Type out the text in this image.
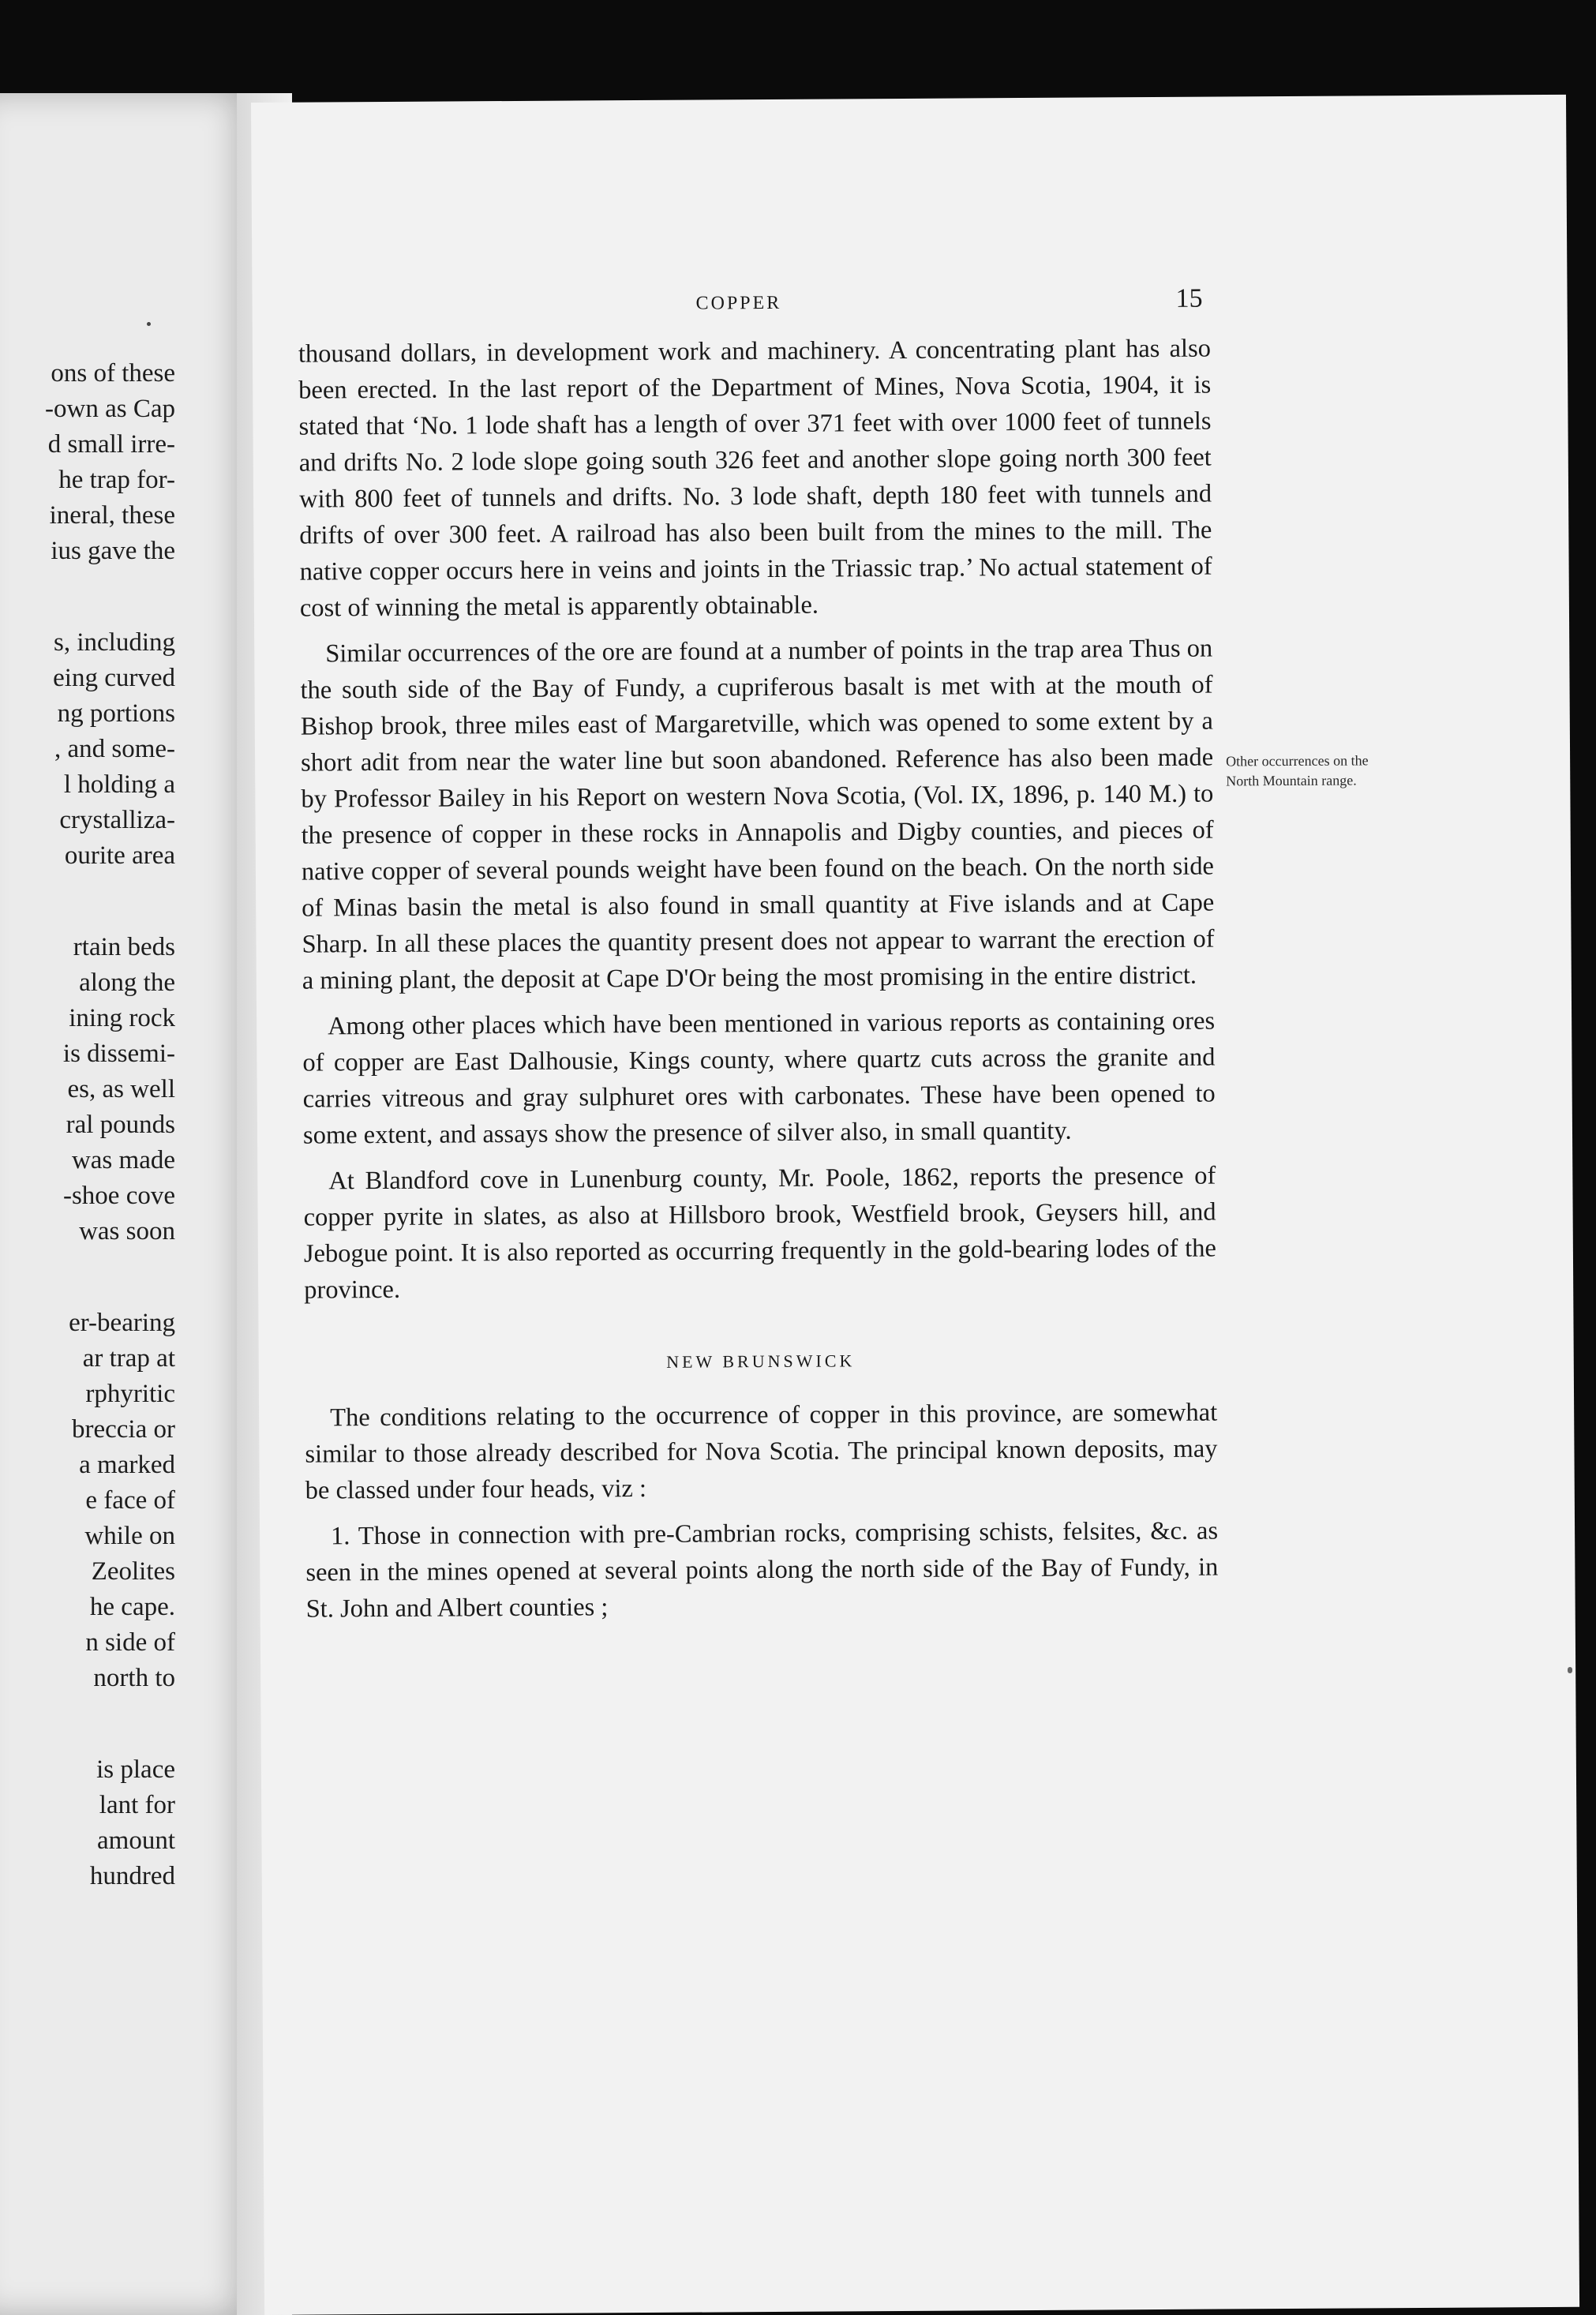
ons of these
-own as Cap
d small irre-
he trap for-
ineral, these
ius gave the
s, including
eing curved
ng portions
, and some-
l holding a
crystalliza-
ourite area
rtain beds
along the
ining rock
is dissemi-
es, as well
ral pounds
was made
-shoe cove
was soon
er-bearing
ar trap at
rphyritic
breccia or
a marked
e face of
while on
Zeolites
he cape.
n side of
north to
is place
lant for
amount
hundred
COPPER	15

thousand dollars, in development work and machinery. A concentrating plant has also been erected. In the last report of the Department of Mines, Nova Scotia, 1904, it is stated that ‘No. 1 lode shaft has a length of over 371 feet with over 1000 feet of tunnels and drifts No. 2 lode slope going south 326 feet and another slope going north 300 feet with 800 feet of tunnels and drifts. No. 3 lode shaft, depth 180 feet with tunnels and drifts of over 300 feet. A railroad has also been built from the mines to the mill. The native copper occurs here in veins and joints in the Triassic trap.’ No actual statement of cost of winning the metal is apparently obtainable.

Similar occurrences of the ore are found at a number of points in the trap area Thus on the south side of the Bay of Fundy, a cupriferous basalt is met with at the mouth of Bishop brook, three miles east of Margaretville, which was opened to some extent by a short adit from near the water line but soon abandoned. Reference has also been made by Professor Bailey in his Report on western Nova Scotia, (Vol. IX, 1896, p. 140 M.) to the presence of copper in these rocks in Annapolis and Digby counties, and pieces of native copper of several pounds weight have been found on the beach. On the north side of Minas basin the metal is also found in small quantity at Five islands and at Cape Sharp. In all these places the quantity present does not appear to warrant the erection of a mining plant, the deposit at Cape D'Or being the most promising in the entire district.

Among other places which have been mentioned in various reports as containing ores of copper are East Dalhousie, Kings county, where quartz cuts across the granite and carries vitreous and gray sulphuret ores with carbonates. These have been opened to some extent, and assays show the presence of silver also, in small quantity.

At Blandford cove in Lunenburg county, Mr. Poole, 1862, reports the presence of copper pyrite in slates, as also at Hillsboro brook, Westfield brook, Geysers hill, and Jebogue point. It is also reported as occurring frequently in the gold-bearing lodes of the province.

NEW BRUNSWICK

The conditions relating to the occurrence of copper in this province, are somewhat similar to those already described for Nova Scotia. The principal known deposits, may be classed under four heads, viz :

1. Those in connection with pre-Cambrian rocks, comprising schists, felsites, &c. as seen in the mines opened at several points along the north side of the Bay of Fundy, in St. John and Albert counties ;

Other occurrences on the North Mountain range.
